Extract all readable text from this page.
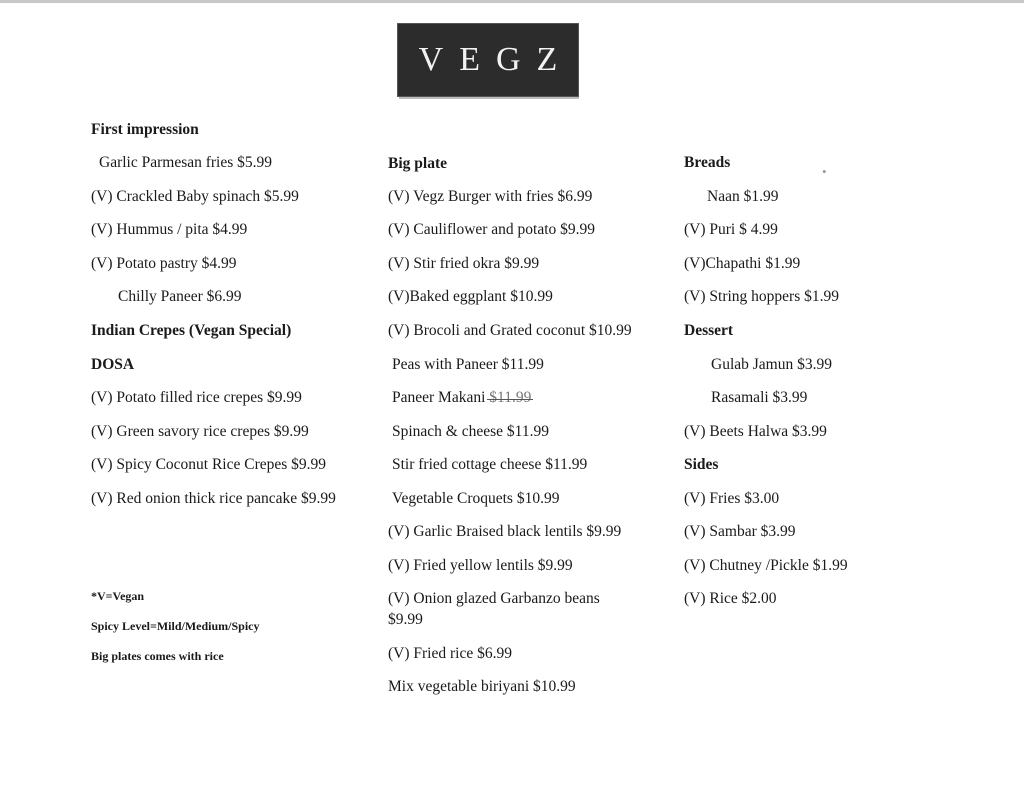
VEGZ
First impression
Garlic Parmesan fries $5.99
(V) Crackled Baby spinach $5.99
(V) Hummus / pita $4.99
(V) Potato pastry $4.99
Chilly Paneer $6.99
Indian Crepes (Vegan Special)
DOSA
(V) Potato filled rice crepes $9.99
(V) Green savory rice crepes $9.99
(V) Spicy Coconut Rice Crepes $9.99
(V) Red onion thick rice pancake $9.99
*V=Vegan
Spicy Level=Mild/Medium/Spicy
Big plates comes with rice
Big plate
(V) Vegz Burger with fries $6.99
(V) Cauliflower and potato $9.99
(V) Stir fried okra $9.99
(V)Baked eggplant $10.99
(V) Brocoli and Grated coconut $10.99
Peas with Paneer $11.99
Paneer Makani $11.99
Spinach & cheese $11.99
Stir fried cottage cheese $11.99
Vegetable Croquets $10.99
(V) Garlic Braised black lentils $9.99
(V) Fried yellow lentils $9.99
(V) Onion glazed Garbanzo beans
$9.99
(V) Fried rice $6.99
Mix vegetable biriyani $10.99
Breads
Naan $1.99
(V) Puri $ 4.99
(V)Chapathi $1.99
(V) String hoppers $1.99
Dessert
Gulab Jamun $3.99
Rasamali $3.99
(V) Beets Halwa $3.99
Sides
(V) Fries $3.00
(V) Sambar $3.99
(V) Chutney /Pickle $1.99
(V) Rice $2.00
•
